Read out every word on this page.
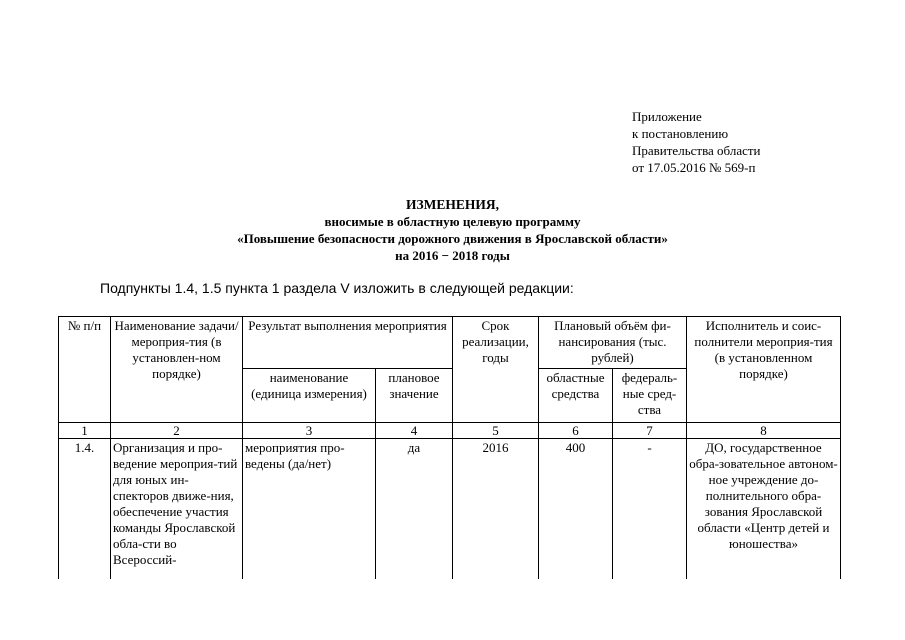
Приложение
к постановлению
Правительства области
от 17.05.2016 № 569-п
ИЗМЕНЕНИЯ,
вносимые в областную целевую программу
«Повышение безопасности дорожного движения в Ярославской области»
на 2016 − 2018 годы
Подпункты 1.4, 1.5 пункта 1 раздела V изложить в следующей редакции:
№ п/п	Наименование задачи/ мероприя-тия (в установлен-ном порядке)	Результат выполнения мероприятия		Срок реализации, годы	Плановый объём фи-нансирования (тыс. рублей)		Исполнитель и соис-полнители мероприя-тия (в установленном порядке)
		наименование (единица измерения)	плановое значение		областные средства	федераль-ные сред-ства	
1	2	3	4	5	6	7	8
1.4.	Организация и про-ведение мероприя-тий для юных ин-спекторов движе-ния, обеспечение участия команды Ярославской обла-сти во Всероссий-	мероприятия про-ведены (да/нет)	да	2016	400	-	ДО, государственное обра-зовательное автоном-ное учреждение до-полнительного обра-зования Ярославской области «Центр детей и юношества»
